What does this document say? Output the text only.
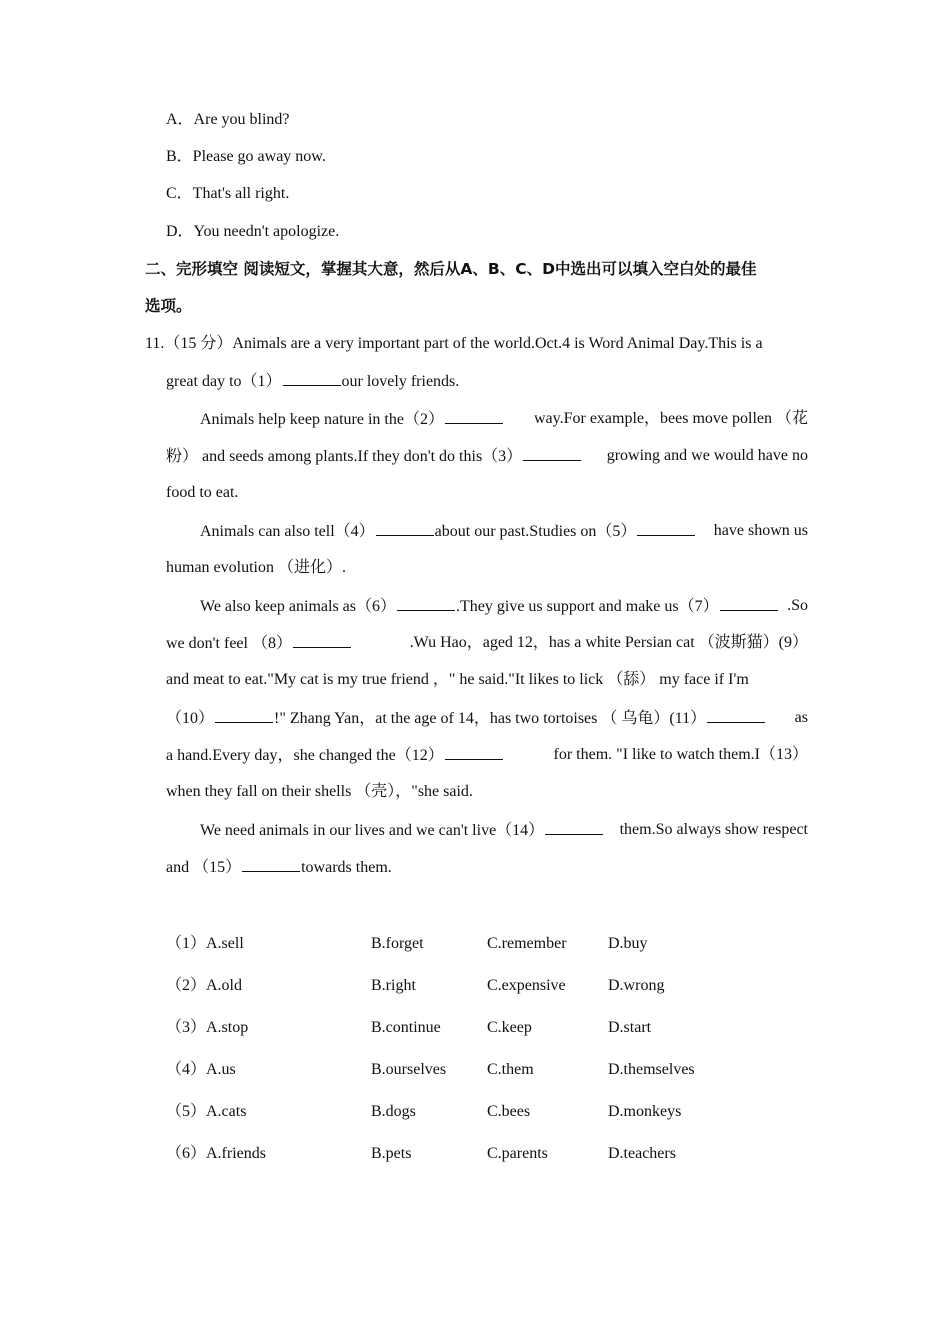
A．Are you blind?
B．Please go away now.
C．That's all right.
D．You needn't apologize.
二、完形填空 阅读短文，掌握其大意，然后从A、B、C、D中选出可以填入空白处的最佳
选项。
11.（15 分）Animals are a very important part of the world.Oct.4 is Word Animal Day.This is a
great day to（1）	our lovely friends.
Animals help keep nature in the（2）	way.For example，bees move pollen （花
粉） and seeds among plants.If they don't do this（3）	growing and we would have no
food to eat.
Animals can also tell（4）	about our past.Studies on（5）	have shown us
human evolution （进化）.
We also keep animals as（6）	.They give us support and make us（7）	.So
we don't feel （8）	.Wu Hao，aged 12，has a white Persian cat （波斯猫）(9）
and meat to eat."My cat is my true friend ，" he said."It likes to lick （舔） my face if I'm
（10）	!" Zhang Yan，at the age of 14，has two tortoises （ 乌龟）(11）	as
a hand.Every day，she changed the（12）	for them. "I like to watch them.I（13）
when they fall on their shells （壳），"she said.
We need animals in our lives and we can't live（14）	them.So always show respect
and （15）	towards them.
（1）A.sell	B.forget	C.remember	D.buy
（2）A.old	B.right	C.expensive	D.wrong
（3）A.stop	B.continue	C.keep	D.start
（4）A.us	B.ourselves	C.them	D.themselves
（5）A.cats	B.dogs	C.bees	D.monkeys
（6）A.friends	B.pets	C.parents	D.teachers
